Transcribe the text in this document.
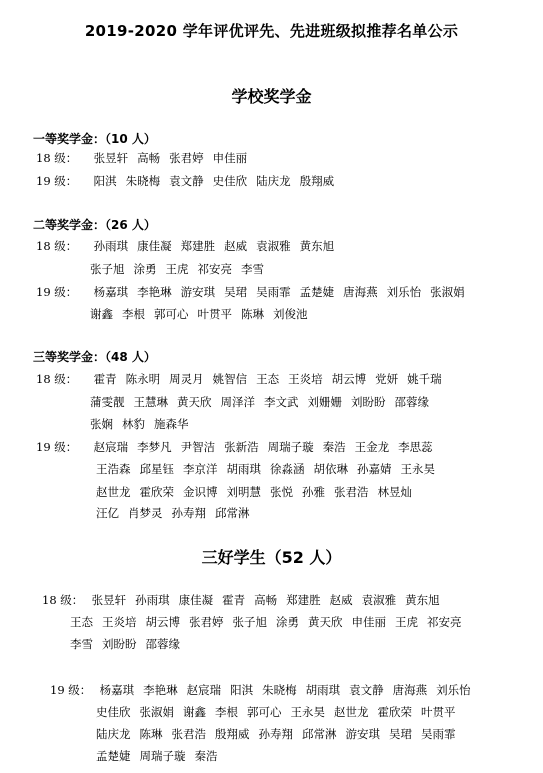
2019-2020 学年评优评先、先进班级拟推荐名单公示
学校奖学金
一等奖学金：（10 人）
18 级： 张昱轩 高畅 张君婷 申佳丽
19 级： 阳淇 朱晓梅 袁文静 史佳欣 陆庆龙 殷翔威
二等奖学金：（26 人）
18 级： 孙雨琪 康佳凝 郑建胜 赵威 袁淑雅 黄东旭
张子旭 涂勇 王虎 祁安亮 李雪
19 级： 杨嘉琪 李艳琳 游安琪 吴珺 吴雨霏 孟楚婕 唐海燕 刘乐怡 张淑娟
谢鑫 李根 郭可心 叶贯平 陈琳 刘俊池
三等奖学金：（48 人）
18 级： 霍青 陈永明 周灵月 姚智信 王态 王炎培 胡云博 党妍 姚千瑞
蒲雯靓 王慧琳 黄天欣 周泽洋 李文武 刘姗姗 刘盼盼 邵蓉缘
张娴 林豹 施森华
19 级： 赵宸瑞 李梦凡 尹智洁 张新浩 周瑞子璇 秦浩 王金龙 李思蕊
王浩森 邱星钰 李京洋 胡雨琪 徐淼涵 胡依琳 孙嘉婧 王永昊
赵世龙 霍欣荣 金识博 刘明慧 张悦 孙雅 张君浩 林昱灿
汪亿 肖梦灵 孙寿翔 邱常淋
三好学生（52 人）
18 级： 张昱轩 孙雨琪 康佳凝 霍青 高畅 郑建胜 赵威 袁淑雅 黄东旭
王态 王炎培 胡云博 张君婷 张子旭 涂勇 黄天欣 申佳丽 王虎 祁安亮
李雪 刘盼盼 邵蓉缘
19 级： 杨嘉琪 李艳琳 赵宸瑞 阳淇 朱晓梅 胡雨琪 袁文静 唐海燕 刘乐怡
史佳欣 张淑娟 谢鑫 李根 郭可心 王永昊 赵世龙 霍欣荣 叶贯平
陆庆龙 陈琳 张君浩 殷翔威 孙寿翔 邱常淋 游安琪 吴珺 吴雨霏
孟楚婕 周瑞子璇 秦浩
